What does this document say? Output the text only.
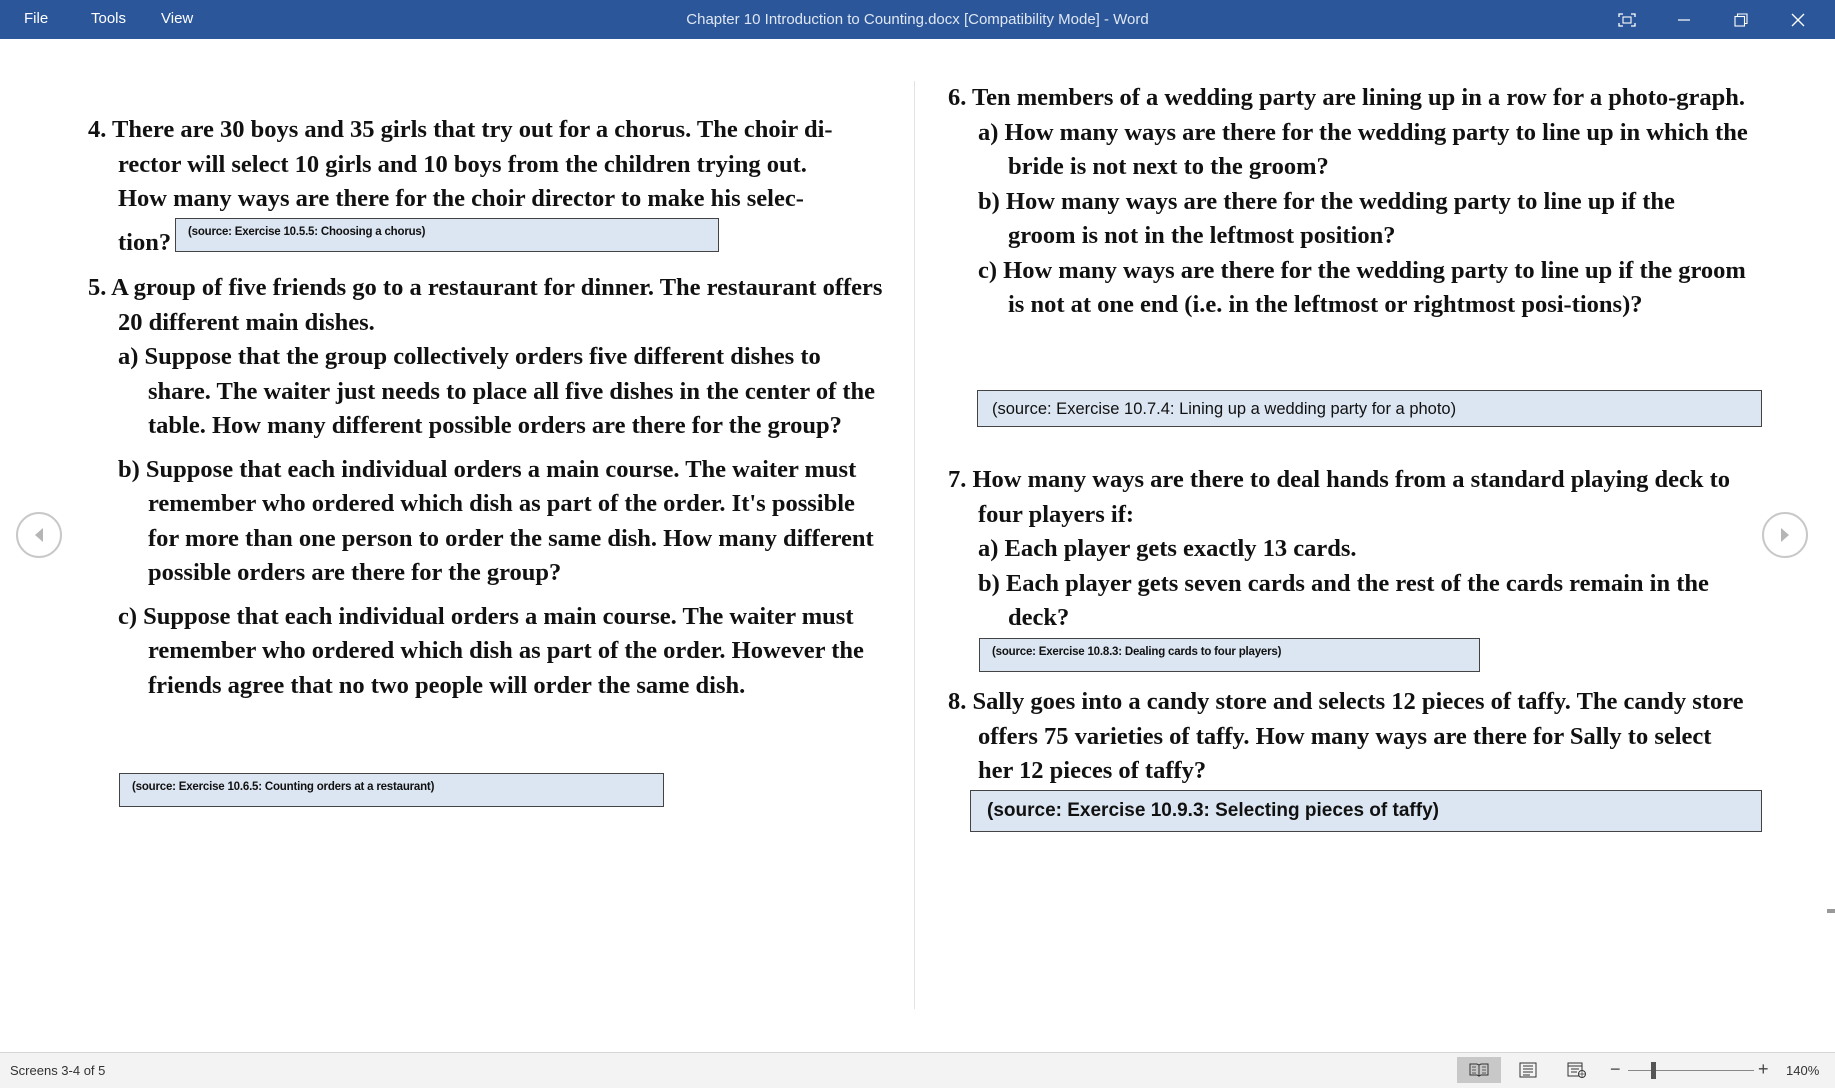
File	Tools View	Chapter 10 Introduction to Counting.docx [Compatibility Mode] - Word
4. There are 30 boys and 35 girls that try out for a chorus. The choir di-
rector will select 10 girls and 10 boys from the children trying out.
How many ways are there for the choir director to make his selec-
tion?	(source: Exercise 10.5.5: Choosing a chorus)

5. A group of five friends go to a restaurant for dinner. The restaurant offers 20 different main dishes.

a) Suppose that the group collectively orders five different dishes to share. The waiter just needs to place all five dishes in the center of the table. How many different possible orders are there for the group?

b) Suppose that each individual orders a main course. The waiter must remember who ordered which dish as part of the order. It's possible for more than one person to order the same dish. How many different possible orders are there for the group?

c) Suppose that each individual orders a main course. The waiter must remember who ordered which dish as part of the order. However the friends agree that no two people will order the same dish.

(source: Exercise 10.6.5: Counting orders at a restaurant)

6. Ten members of a wedding party are lining up in a row for a photo-graph.

a) How many ways are there for the wedding party to line up in which the bride is not next to the groom?

b) How many ways are there for the wedding party to line up if the groom is not in the leftmost position?

c) How many ways are there for the wedding party to line up if the groom is not at one end (i.e. in the leftmost or rightmost posi-tions)?

(source: Exercise 10.7.4: Lining up a wedding party for a photo)

7. How many ways are there to deal hands from a standard playing deck to four players if:

a) Each player gets exactly 13 cards.

b) Each player gets seven cards and the rest of the cards remain in the deck?

(source: Exercise 10.8.3: Dealing cards to four players)

8. Sally goes into a candy store and selects 12 pieces of taffy. The candy store offers 75 varieties of taffy. How many ways are there for Sally to select her 12 pieces of taffy?

(source: Exercise 10.9.3: Selecting pieces of taffy)
Screens 3-4 of 5	−	+ 140%
